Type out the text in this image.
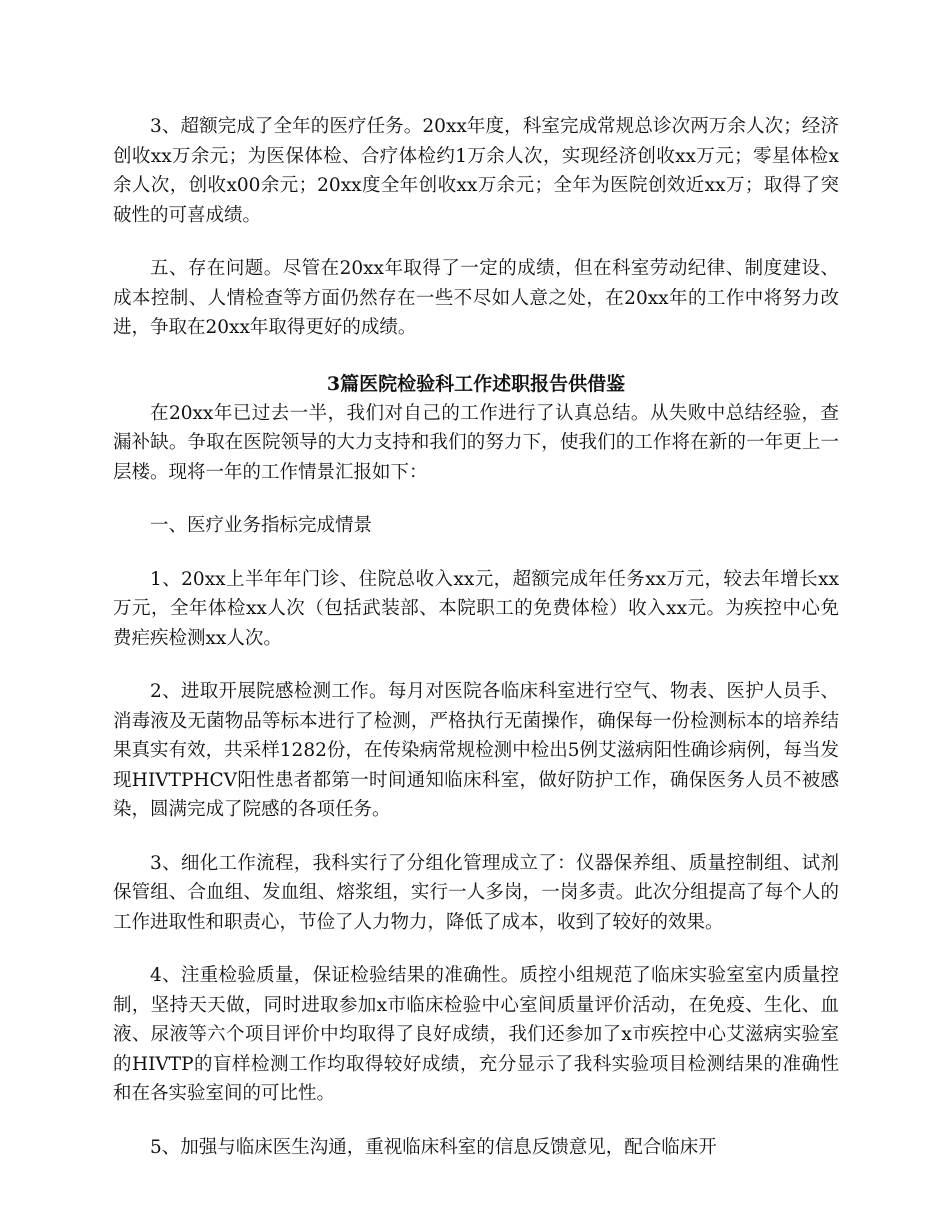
3、超额完成了全年的医疗任务。20xx年度，科室完成常规总诊次两万余人次；经济创收xx万余元；为医保体检、合疗体检约1万余人次，实现经济创收xx万元；零星体检x余人次，创收x00余元；20xx度全年创收xx万余元；全年为医院创效近xx万；取得了突破性的可喜成绩。

五、存在问题。尽管在20xx年取得了一定的成绩，但在科室劳动纪律、制度建设、成本控制、人情检查等方面仍然存在一些不尽如人意之处，在20xx年的工作中将努力改进，争取在20xx年取得更好的成绩。

3篇医院检验科工作述职报告供借鉴

在20xx年已过去一半，我们对自己的工作进行了认真总结。从失败中总结经验，查漏补缺。争取在医院领导的大力支持和我们的努力下，使我们的工作将在新的一年更上一层楼。现将一年的工作情景汇报如下：

一、医疗业务指标完成情景

1、20xx上半年年门诊、住院总收入xx元，超额完成年任务xx万元，较去年增长xx万元，全年体检xx人次（包括武装部、本院职工的免费体检）收入xx元。为疾控中心免费疟疾检测xx人次。

2、进取开展院感检测工作。每月对医院各临床科室进行空气、物表、医护人员手、消毒液及无菌物品等标本进行了检测，严格执行无菌操作，确保每一份检测标本的培养结果真实有效，共采样1282份，在传染病常规检测中检出5例艾滋病阳性确诊病例，每当发现HIVTPHCV阳性患者都第一时间通知临床科室，做好防护工作，确保医务人员不被感染，圆满完成了院感的各项任务。

3、细化工作流程，我科实行了分组化管理成立了：仪器保养组、质量控制组、试剂保管组、合血组、发血组、熔浆组，实行一人多岗，一岗多责。此次分组提高了每个人的工作进取性和职责心，节俭了人力物力，降低了成本，收到了较好的效果。

4、注重检验质量，保证检验结果的准确性。质控小组规范了临床实验室室内质量控制，坚持天天做，同时进取参加x市临床检验中心室间质量评价活动，在免疫、生化、血液、尿液等六个项目评价中均取得了良好成绩，我们还参加了x市疾控中心艾滋病实验室的HIVTP的盲样检测工作均取得较好成绩，充分显示了我科实验项目检测结果的准确性和在各实验室间的可比性。

5、加强与临床医生沟通，重视临床科室的信息反馈意见，配合临床开
